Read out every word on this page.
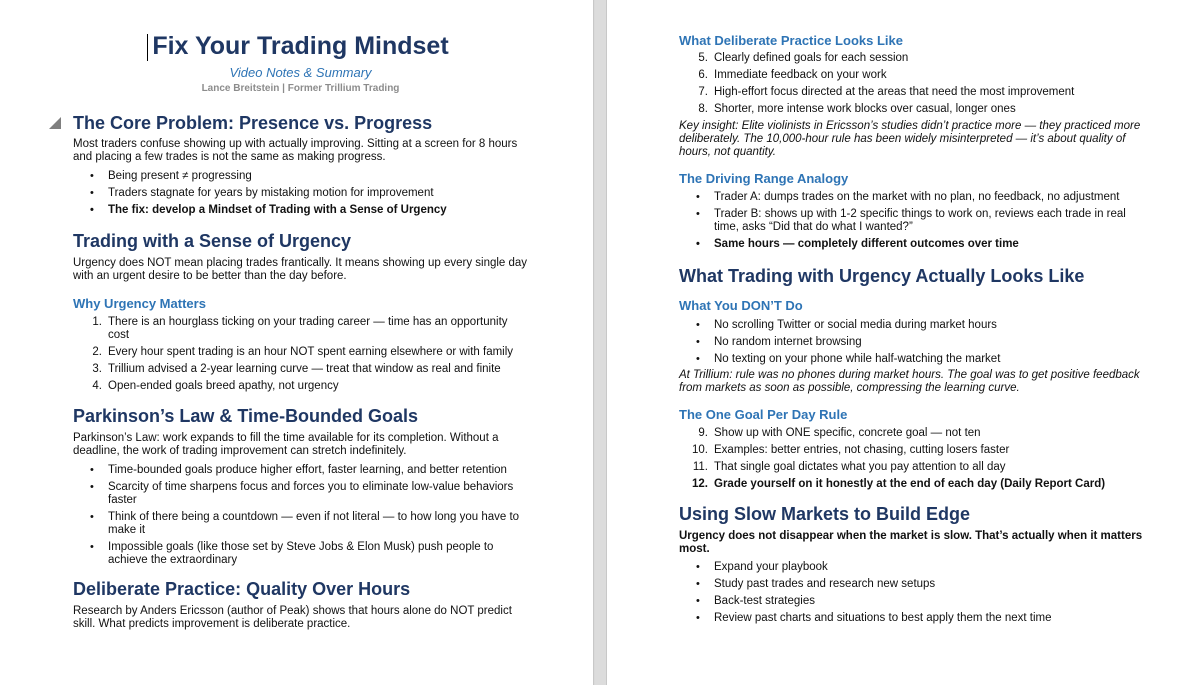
Fix Your Trading Mindset
Video Notes & Summary
Lance Breitstein | Former Trillium Trading
The Core Problem: Presence vs. Progress
Most traders confuse showing up with actually improving. Sitting at a screen for 8 hours and placing a few trades is not the same as making progress.
• Being present ≠ progressing
• Traders stagnate for years by mistaking motion for improvement
• The fix: develop a Mindset of Trading with a Sense of Urgency
Trading with a Sense of Urgency
Urgency does NOT mean placing trades frantically. It means showing up every single day with an urgent desire to be better than the day before.
Why Urgency Matters
1. There is an hourglass ticking on your trading career — time has an opportunity cost
2. Every hour spent trading is an hour NOT spent earning elsewhere or with family
3. Trillium advised a 2-year learning curve — treat that window as real and finite
4. Open-ended goals breed apathy, not urgency
Parkinson’s Law & Time-Bounded Goals
Parkinson’s Law: work expands to fill the time available for its completion. Without a deadline, the work of trading improvement can stretch indefinitely.
• Time-bounded goals produce higher effort, faster learning, and better retention
• Scarcity of time sharpens focus and forces you to eliminate low-value behaviors faster
• Think of there being a countdown — even if not literal — to how long you have to make it
• Impossible goals (like those set by Steve Jobs & Elon Musk) push people to achieve the extraordinary
Deliberate Practice: Quality Over Hours
Research by Anders Ericsson (author of Peak) shows that hours alone do NOT predict skill. What predicts improvement is deliberate practice.
What Deliberate Practice Looks Like
5. Clearly defined goals for each session
6. Immediate feedback on your work
7. High-effort focus directed at the areas that need the most improvement
8. Shorter, more intense work blocks over casual, longer ones
Key insight: Elite violinists in Ericsson’s studies didn’t practice more — they practiced more deliberately. The 10,000-hour rule has been widely misinterpreted — it’s about quality of hours, not quantity.
The Driving Range Analogy
• Trader A: dumps trades on the market with no plan, no feedback, no adjustment
• Trader B: shows up with 1-2 specific things to work on, reviews each trade in real time, asks “Did that do what I wanted?”
• Same hours — completely different outcomes over time
What Trading with Urgency Actually Looks Like
What You DON’T Do
• No scrolling Twitter or social media during market hours
• No random internet browsing
• No texting on your phone while half-watching the market
At Trillium: rule was no phones during market hours. The goal was to get positive feedback from markets as soon as possible, compressing the learning curve.
The One Goal Per Day Rule
9. Show up with ONE specific, concrete goal — not ten
10. Examples: better entries, not chasing, cutting losers faster
11. That single goal dictates what you pay attention to all day
12. Grade yourself on it honestly at the end of each day (Daily Report Card)
Using Slow Markets to Build Edge
Urgency does not disappear when the market is slow. That’s actually when it matters most.
• Expand your playbook
• Study past trades and research new setups
• Back-test strategies
• Review past charts and situations to best apply them the next time
